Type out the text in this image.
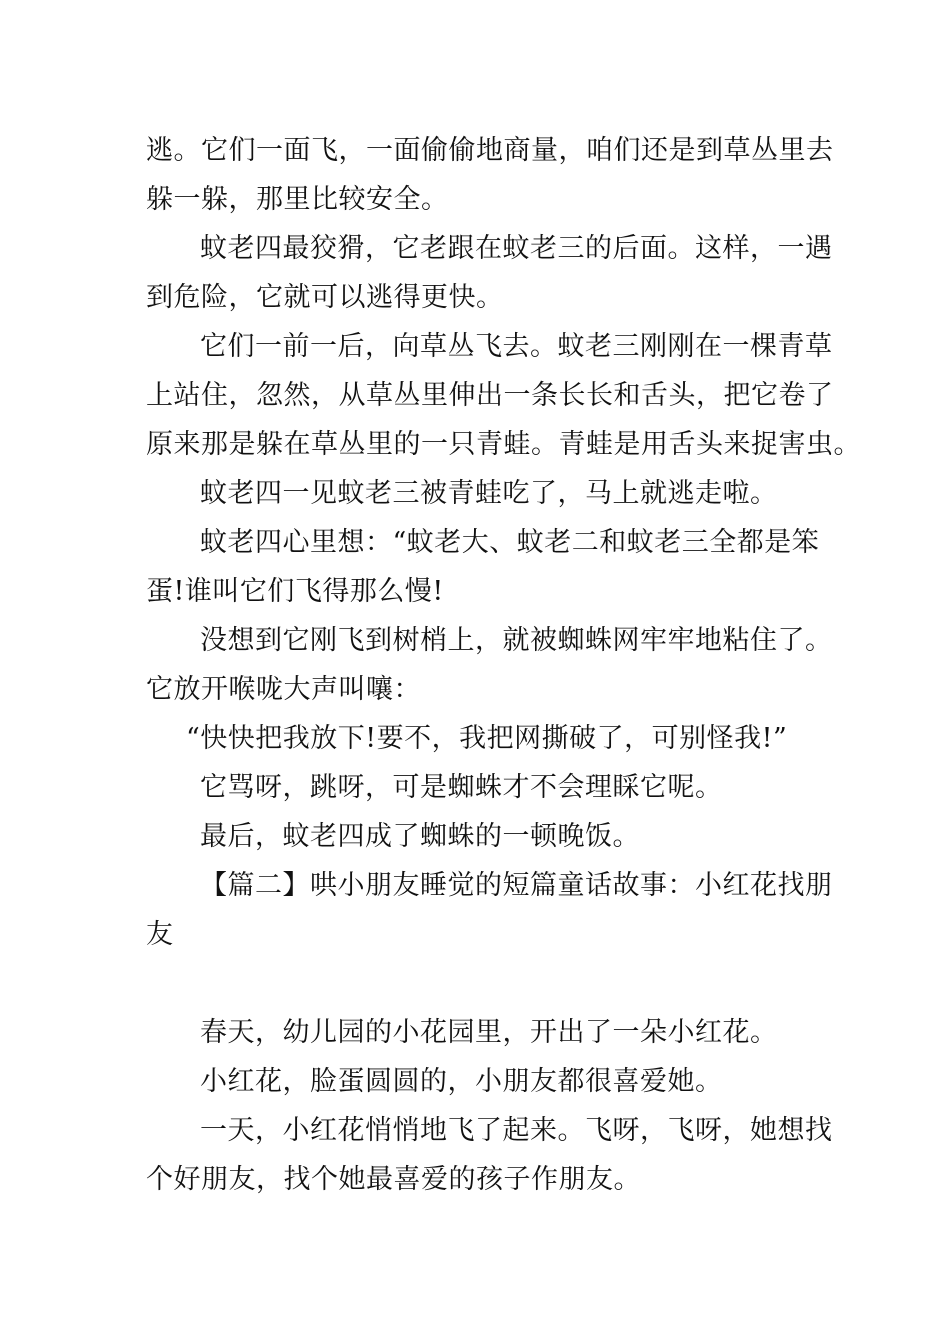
逃。它们一面飞，一面偷偷地商量，咱们还是到草丛里去
躲一躲，那里比较安全。
蚊老四最狡猾，它老跟在蚊老三的后面。这样，一遇
到危险，它就可以逃得更快。
它们一前一后，向草丛飞去。蚊老三刚刚在一棵青草
上站住，忽然，从草丛里伸出一条长长和舌头，把它卷了
原来那是躲在草丛里的一只青蛙。青蛙是用舌头来捉害虫。
蚊老四一见蚊老三被青蛙吃了，马上就逃走啦。
蚊老四心里想：“蚊老大、蚊老二和蚊老三全都是笨
蛋!谁叫它们飞得那么慢!
没想到它刚飞到树梢上，就被蜘蛛网牢牢地粘住了。
它放开喉咙大声叫嚷：
“快快把我放下!要不，我把网撕破了，可别怪我!”
它骂呀，跳呀，可是蜘蛛才不会理睬它呢。
最后，蚊老四成了蜘蛛的一顿晚饭。
【篇二】哄小朋友睡觉的短篇童话故事：小红花找朋
友
春天，幼儿园的小花园里，开出了一朵小红花。
小红花，脸蛋圆圆的，小朋友都很喜爱她。
一天，小红花悄悄地飞了起来。飞呀，飞呀，她想找
个好朋友，找个她最喜爱的孩子作朋友。
